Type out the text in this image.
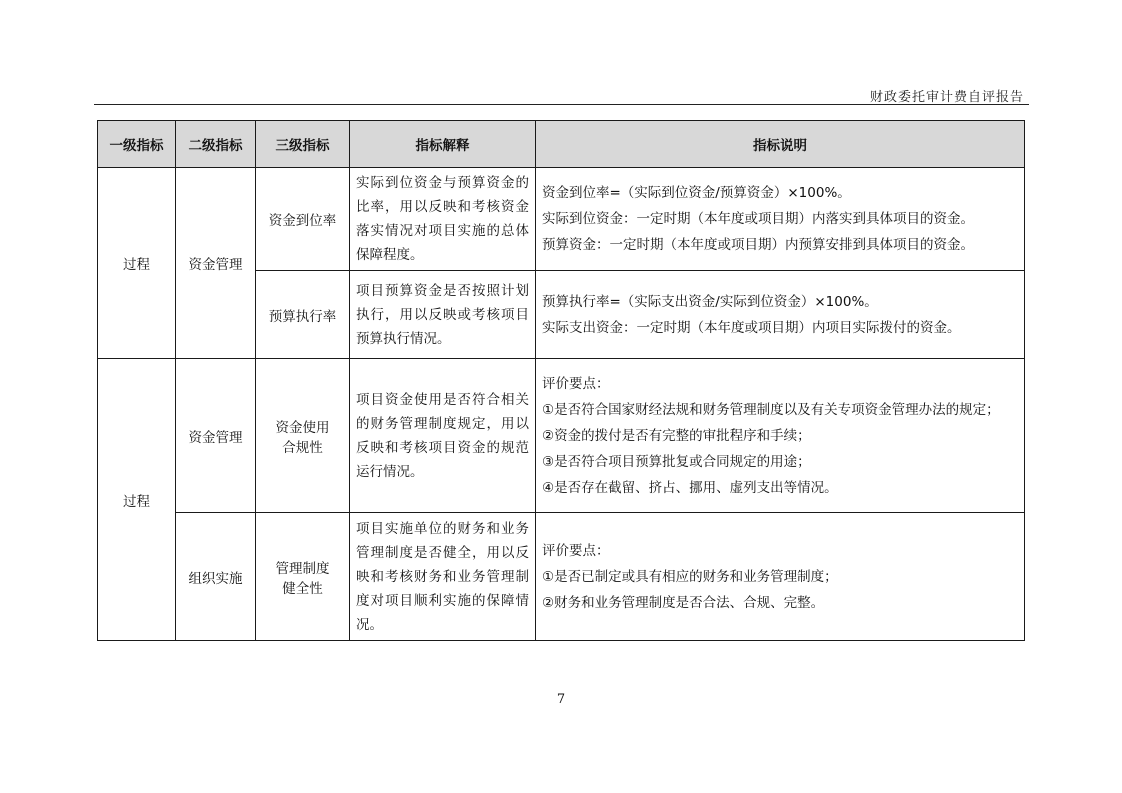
财政委托审计费自评报告
一级指标	二级指标	三级指标	指标解释	指标说明
过程	资金管理	资金到位率	实际到位资金与预算资金的比率，用以反映和考核资金落实情况对项目实施的总体保障程度。	资金到位率=（实际到位资金/预算资金）×100%。
实际到位资金：一定时期（本年度或项目期）内落实到具体项目的资金。
预算资金：一定时期（本年度或项目期）内预算安排到具体项目的资金。

		预算执行率	项目预算资金是否按照计划执行，用以反映或考核项目预算执行情况。	预算执行率=（实际支出资金/实际到位资金）×100%。
实际支出资金：一定时期（本年度或项目期）内项目实际拨付的资金。

过程	资金管理	资金使用合规性	项目资金使用是否符合相关的财务管理制度规定，用以反映和考核项目资金的规范运行情况。	评价要点：
①是否符合国家财经法规和财务管理制度以及有关专项资金管理办法的规定；
②资金的拨付是否有完整的审批程序和手续；
③是否符合项目预算批复或合同规定的用途；
④是否存在截留、挤占、挪用、虚列支出等情况。

	组织实施	管理制度健全性	项目实施单位的财务和业务管理制度是否健全，用以反映和考核财务和业务管理制度对项目顺利实施的保障情况。	评价要点：
①是否已制定或具有相应的财务和业务管理制度；
②财务和业务管理制度是否合法、合规、完整。
7
